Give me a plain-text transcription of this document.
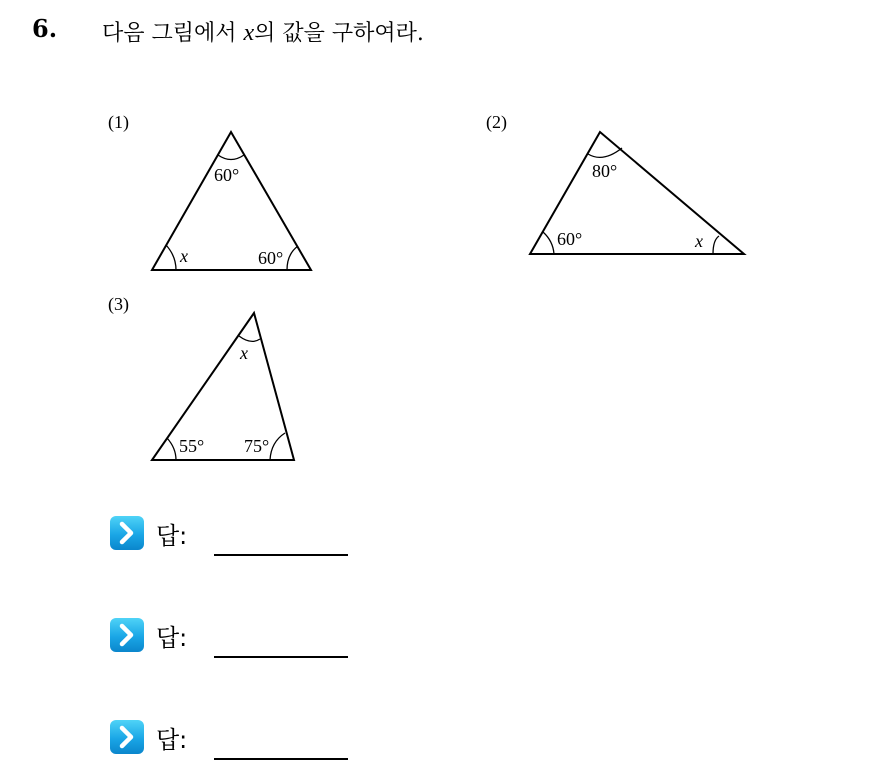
6. 다음 그림에서 x의 값을 구하여라.
(1)	(2)
(3)
60°
x	60°
80°
60°	x
x
55° 75°
답:
답:
답:
